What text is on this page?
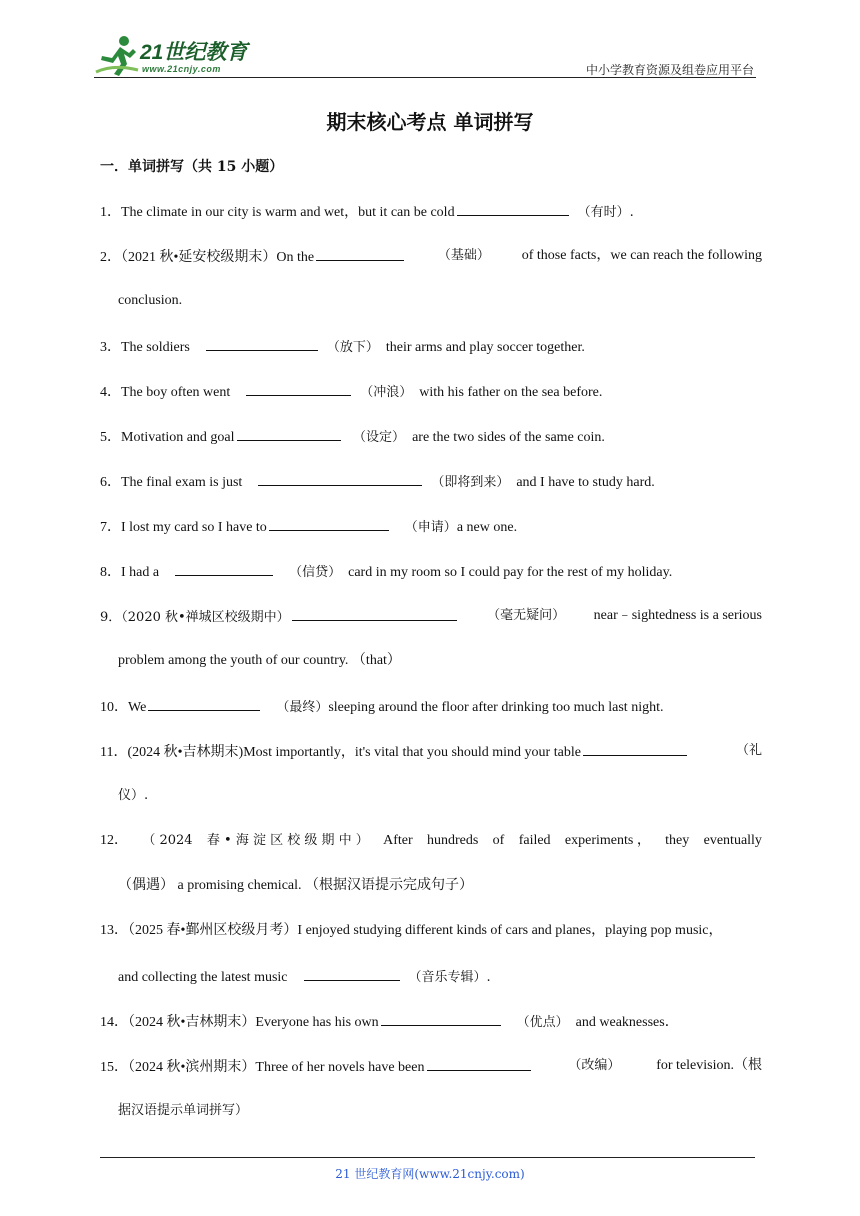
21世纪教育
www.21cnjy.com	中小学教育资源及组卷应用平台
期末核心考点 单词拼写
一．单词拼写（共 15 小题）
1．The climate in our city is warm and wet，but it can be cold	（有时）.
2．（2021 秋•延安校级期末）On the	（基础） of those facts，we can reach the following
conclusion.
3．The soldiers	（放下） their arms and play soccer together.
4．The boy often went	（冲浪） with his father on the sea before.
5．Motivation and goal	（设定） are the two sides of the same coin.
6．The final exam is just	（即将到来） and I have to study hard.
7．I lost my card so I have to	（申请）a new one.
8．I had a	（信贷） card in my room so I could pay for the rest of my holiday.
9．（2020 秋•禅城区校级期中）	（毫无疑问） near﹣sightedness is a serious
problem among the youth of our country. （that）
10．We	（最终）sleeping around the floor after drinking too much last night.
11．(2024 秋•吉林期末)Most importantly，it's vital that you should mind your table	（礼
仪）.
12． （ 2024 春 • 海 淀 区 校 级 期 中 ） After hundreds of failed experiments ， they eventually
（偶遇） a promising chemical. （根据汉语提示完成句子）
13．（2025 春•鄞州区校级月考）I enjoyed studying different kinds of cars and planes，playing pop music，
and collecting the latest music	（音乐专辑）.
14．（2024 秋•吉林期末）Everyone has his own	（优点） and weaknesses．
15．（2024 秋•滨州期末）Three of her novels have been	（改编）	for television.（根
据汉语提示单词拼写）
21 世纪教育网(www.21cnjy.com)
